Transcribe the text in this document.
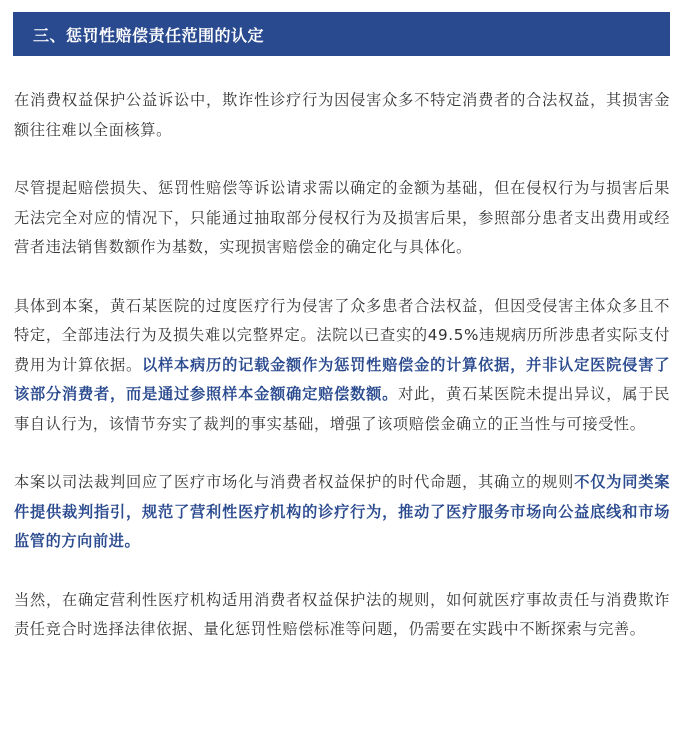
三、惩罚性赔偿责任范围的认定

在消费权益保护公益诉讼中，欺诈性诊疗行为因侵害众多不特定消费者的合法权益，其损害金额往往难以全面核算。

尽管提起赔偿损失、惩罚性赔偿等诉讼请求需以确定的金额为基础，但在侵权行为与损害后果无法完全对应的情况下，只能通过抽取部分侵权行为及损害后果，参照部分患者支出费用或经营者违法销售数额作为基数，实现损害赔偿金的确定化与具体化。

具体到本案，黄石某医院的过度医疗行为侵害了众多患者合法权益，但因受侵害主体众多且不特定，全部违法行为及损失难以完整界定。法院以已查实的49.5%违规病历所涉患者实际支付费用为计算依据。以样本病历的记载金额作为惩罚性赔偿金的计算依据，并非认定医院侵害了该部分消费者，而是通过参照样本金额确定赔偿数额。对此，黄石某医院未提出异议，属于民事自认行为，该情节夯实了裁判的事实基础，增强了该项赔偿金确立的正当性与可接受性。

本案以司法裁判回应了医疗市场化与消费者权益保护的时代命题，其确立的规则不仅为同类案件提供裁判指引，规范了营利性医疗机构的诊疗行为，推动了医疗服务市场向公益底线和市场监管的方向前进。

当然，在确定营利性医疗机构适用消费者权益保护法的规则，如何就医疗事故责任与消费欺诈责任竞合时选择法律依据、量化惩罚性赔偿标准等问题，仍需要在实践中不断探索与完善。
